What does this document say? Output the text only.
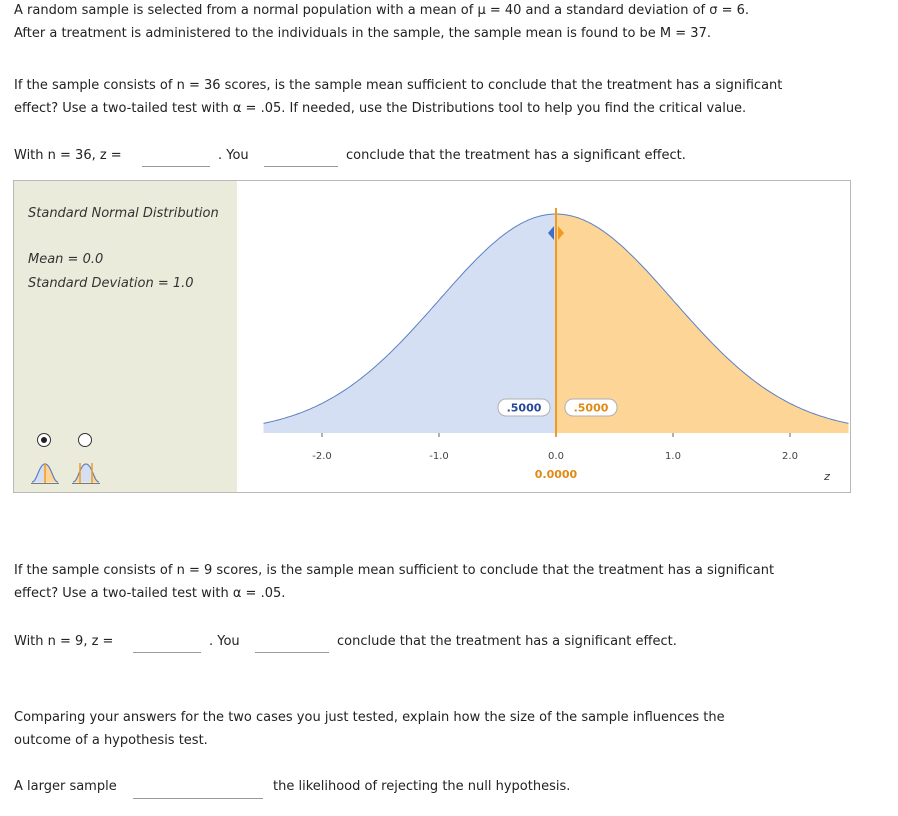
A random sample is selected from a normal population with a mean of μ = 40 and a standard deviation of σ = 6.
After a treatment is administered to the individuals in the sample, the sample mean is found to be M = 37.
If the sample consists of n = 36 scores, is the sample mean sufficient to conclude that the treatment has a significant
effect? Use a two-tailed test with α = .05. If needed, use the Distributions tool to help you find the critical value.
With n = 36, z =	. You	conclude that the treatment has a significant effect.
Standard Normal Distribution
Mean = 0.0
Standard Deviation = 1.0
-2.0	-1.0	0.0	1.0	2.0
.5000	.5000
0.0000	z
If the sample consists of n = 9 scores, is the sample mean sufficient to conclude that the treatment has a significant
effect? Use a two-tailed test with α = .05.
With n = 9, z =	. You	conclude that the treatment has a significant effect.
Comparing your answers for the two cases you just tested, explain how the size of the sample influences the
outcome of a hypothesis test.
A larger sample	the likelihood of rejecting the null hypothesis.
